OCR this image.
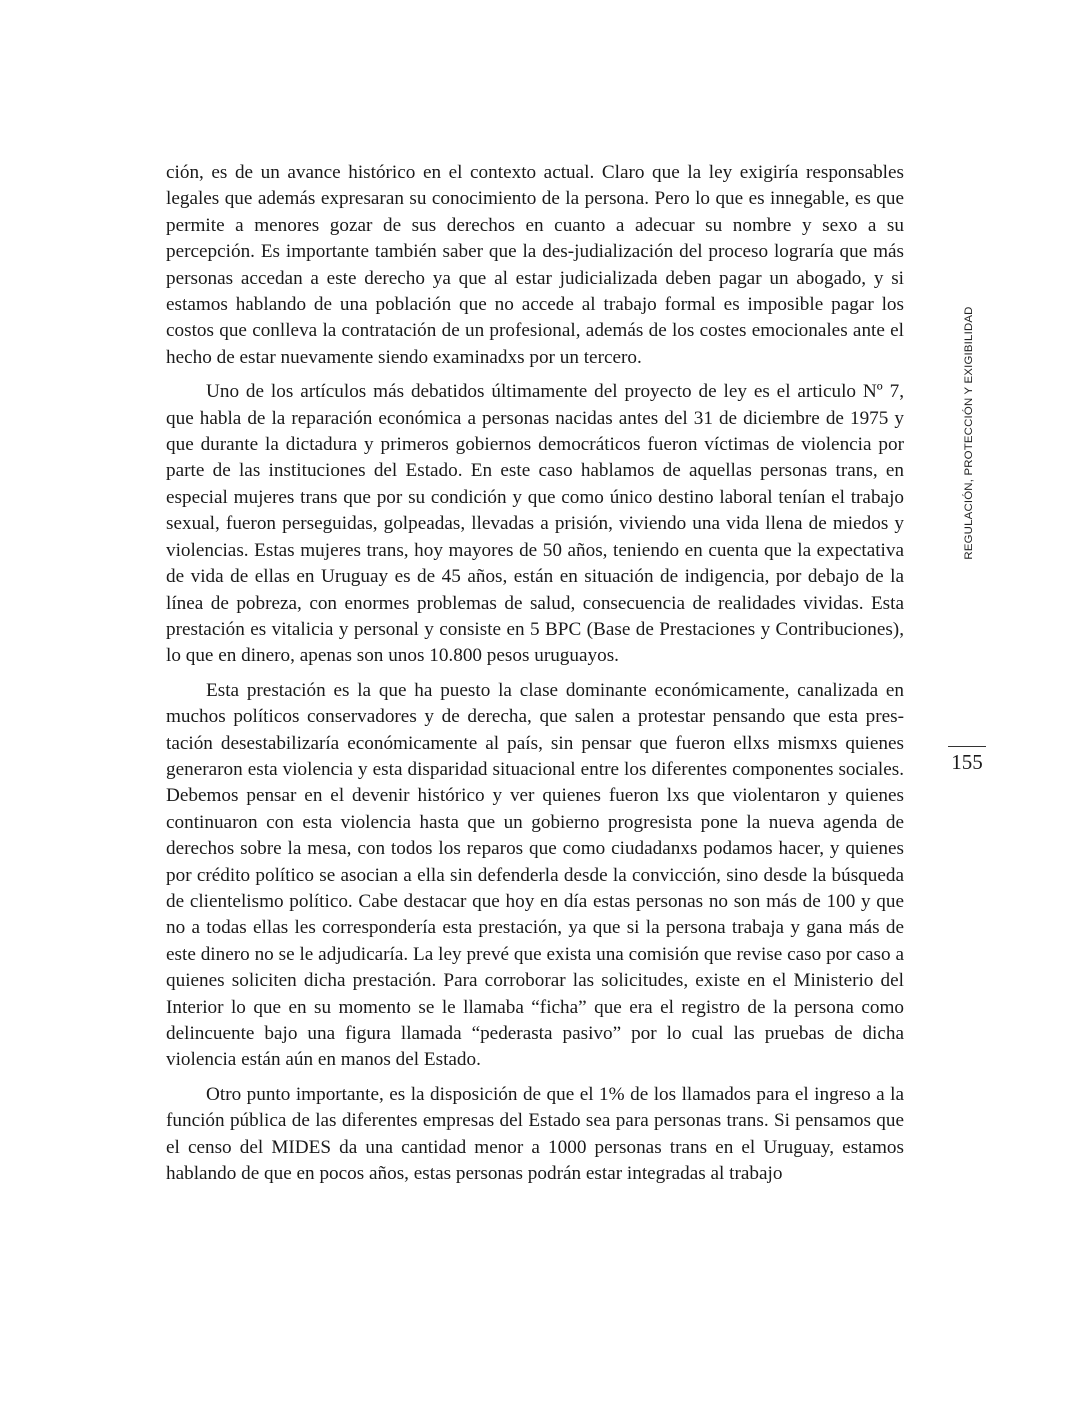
ción, es de un avance histórico en el contexto actual. Claro que la ley exigiría responsables legales que además expresaran su conocimiento de la persona. Pero lo que es innegable, es que permite a menores gozar de sus derechos en cuanto a adecuar su nombre y sexo a su percepción. Es importante también saber que la des-judialización del proceso lograría que más personas accedan a este derecho ya que al estar judicializada deben pagar un abogado, y si estamos hablando de una población que no accede al trabajo formal es imposible pagar los costos que conlleva la contratación de un profesional, además de los costes emocionales ante el hecho de estar nuevamente siendo examinadxs por un tercero.

Uno de los artículos más debatidos últimamente del proyecto de ley es el articulo Nº 7, que habla de la reparación económica a personas nacidas antes del 31 de diciembre de 1975 y que durante la dictadura y primeros gobiernos democráticos fueron víctimas de violencia por parte de las instituciones del Estado. En este caso hablamos de aquellas personas trans, en especial mujeres trans que por su condición y que como único destino laboral tenían el trabajo sexual, fueron perseguidas, golpeadas, llevadas a prisión, viviendo una vida llena de miedos y violencias. Estas mujeres trans, hoy mayores de 50 años, teniendo en cuenta que la expectativa de vida de ellas en Uruguay es de 45 años, están en situación de indigencia, por debajo de la línea de pobreza, con enormes problemas de salud, consecuencia de realidades vividas. Esta prestación es vitalicia y personal y consiste en 5 BPC (Base de Prestaciones y Contribuciones), lo que en dinero, apenas son unos 10.800 pesos uruguayos.

Esta prestación es la que ha puesto la clase dominante económicamente, canalizada en muchos políticos conservadores y de derecha, que salen a protestar pensando que esta prestación desestabilizaría económicamente al país, sin pensar que fueron ellxs mismxs quienes generaron esta violencia y esta disparidad situacional entre los diferentes componentes sociales. Debemos pensar en el devenir histórico y ver quienes fueron lxs que violentaron y quienes continuaron con esta violencia hasta que un gobierno progresista pone la nueva agenda de derechos sobre la mesa, con todos los reparos que como ciudadanxs podamos hacer, y quienes por crédito político se asocian a ella sin defenderla desde la convicción, sino desde la búsqueda de clientelismo político. Cabe destacar que hoy en día estas personas no son más de 100 y que no a todas ellas les correspondería esta prestación, ya que si la persona trabaja y gana más de este dinero no se le adjudicaría. La ley prevé que exista una comisión que revise caso por caso a quienes soliciten dicha prestación. Para corroborar las solicitudes, existe en el Ministerio del Interior lo que en su momento se le llamaba “ficha” que era el registro de la persona como delincuente bajo una figura llamada “pederasta pasivo” por lo cual las pruebas de dicha violencia están aún en manos del Estado.

Otro punto importante, es la disposición de que el 1% de los llamados para el ingreso a la función pública de las diferentes empresas del Estado sea para personas trans. Si pensamos que el censo del MIDES da una cantidad menor a 1000 personas trans en el Uruguay, estamos hablando de que en pocos años, estas personas podrán estar integradas al trabajo

REGULACIÓN, PROTECCIÓN Y EXIGIBILIDAD
155
